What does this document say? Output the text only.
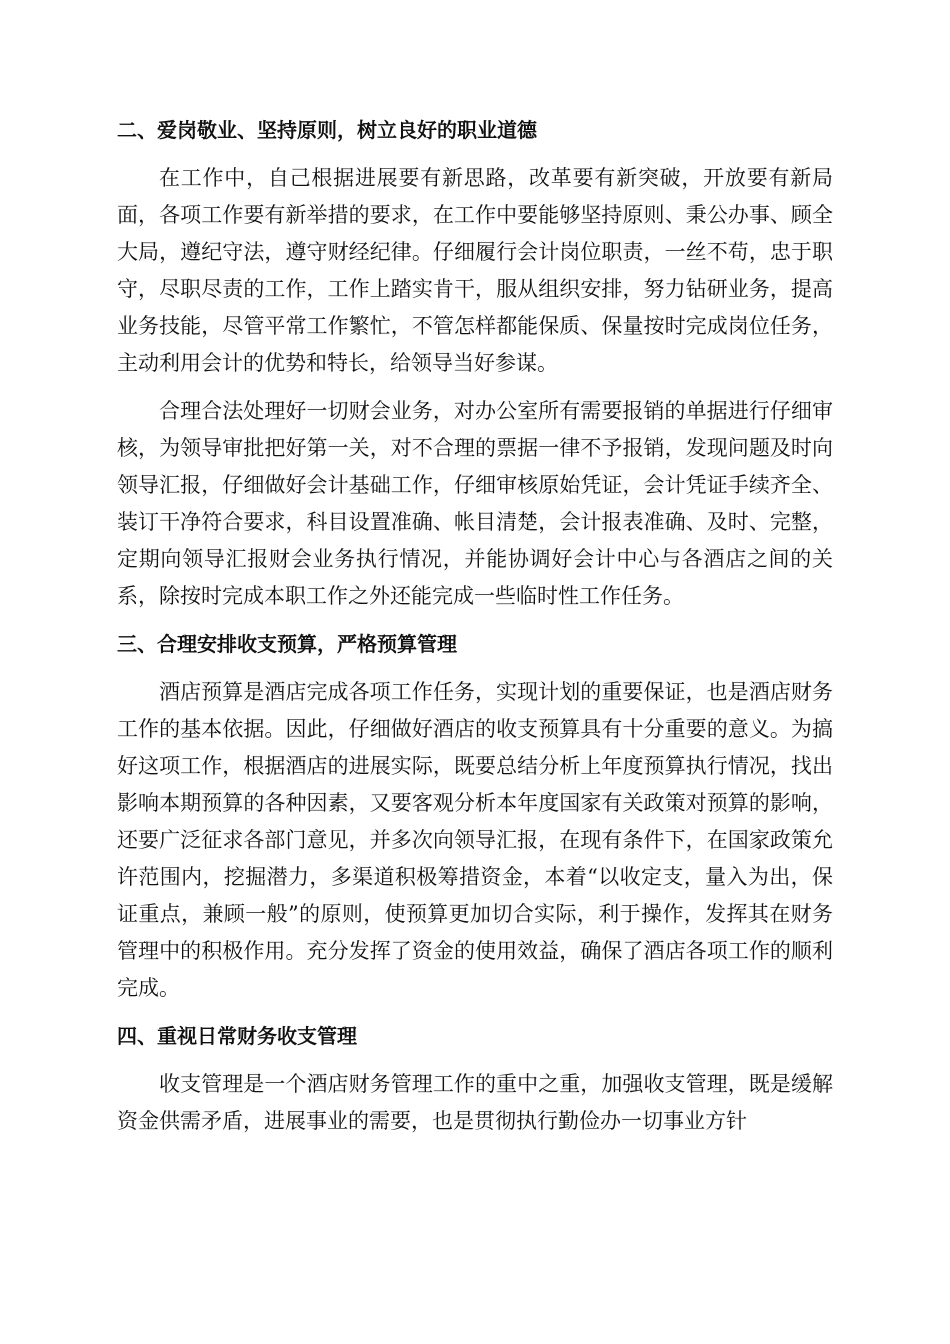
二、爱岗敬业、坚持原则，树立良好的职业道德

在工作中，自己根据进展要有新思路，改革要有新突破，开放要有新局面，各项工作要有新举措的要求，在工作中要能够坚持原则、秉公办事、顾全大局，遵纪守法，遵守财经纪律。仔细履行会计岗位职责，一丝不苟，忠于职守，尽职尽责的工作，工作上踏实肯干，服从组织安排，努力钻研业务，提高业务技能，尽管平常工作繁忙，不管怎样都能保质、保量按时完成岗位任务，主动利用会计的优势和特长，给领导当好参谋。

合理合法处理好一切财会业务，对办公室所有需要报销的单据进行仔细审核，为领导审批把好第一关，对不合理的票据一律不予报销，发现问题及时向领导汇报，仔细做好会计基础工作，仔细审核原始凭证，会计凭证手续齐全、装订干净符合要求，科目设置准确、帐目清楚，会计报表准确、及时、完整，定期向领导汇报财会业务执行情况，并能协调好会计中心与各酒店之间的关系，除按时完成本职工作之外还能完成一些临时性工作任务。

三、合理安排收支预算，严格预算管理

酒店预算是酒店完成各项工作任务，实现计划的重要保证，也是酒店财务工作的基本依据。因此，仔细做好酒店的收支预算具有十分重要的意义。为搞好这项工作，根据酒店的进展实际，既要总结分析上年度预算执行情况，找出影响本期预算的各种因素，又要客观分析本年度国家有关政策对预算的影响，还要广泛征求各部门意见，并多次向领导汇报，在现有条件下，在国家政策允许范围内，挖掘潜力，多渠道积极筹措资金，本着“以收定支，量入为出，保证重点，兼顾一般”的原则，使预算更加切合实际，利于操作，发挥其在财务管理中的积极作用。充分发挥了资金的使用效益，确保了酒店各项工作的顺利完成。

四、重视日常财务收支管理

收支管理是一个酒店财务管理工作的重中之重，加强收支管理，既是缓解资金供需矛盾，进展事业的需要，也是贯彻执行勤俭办一切事业方针
